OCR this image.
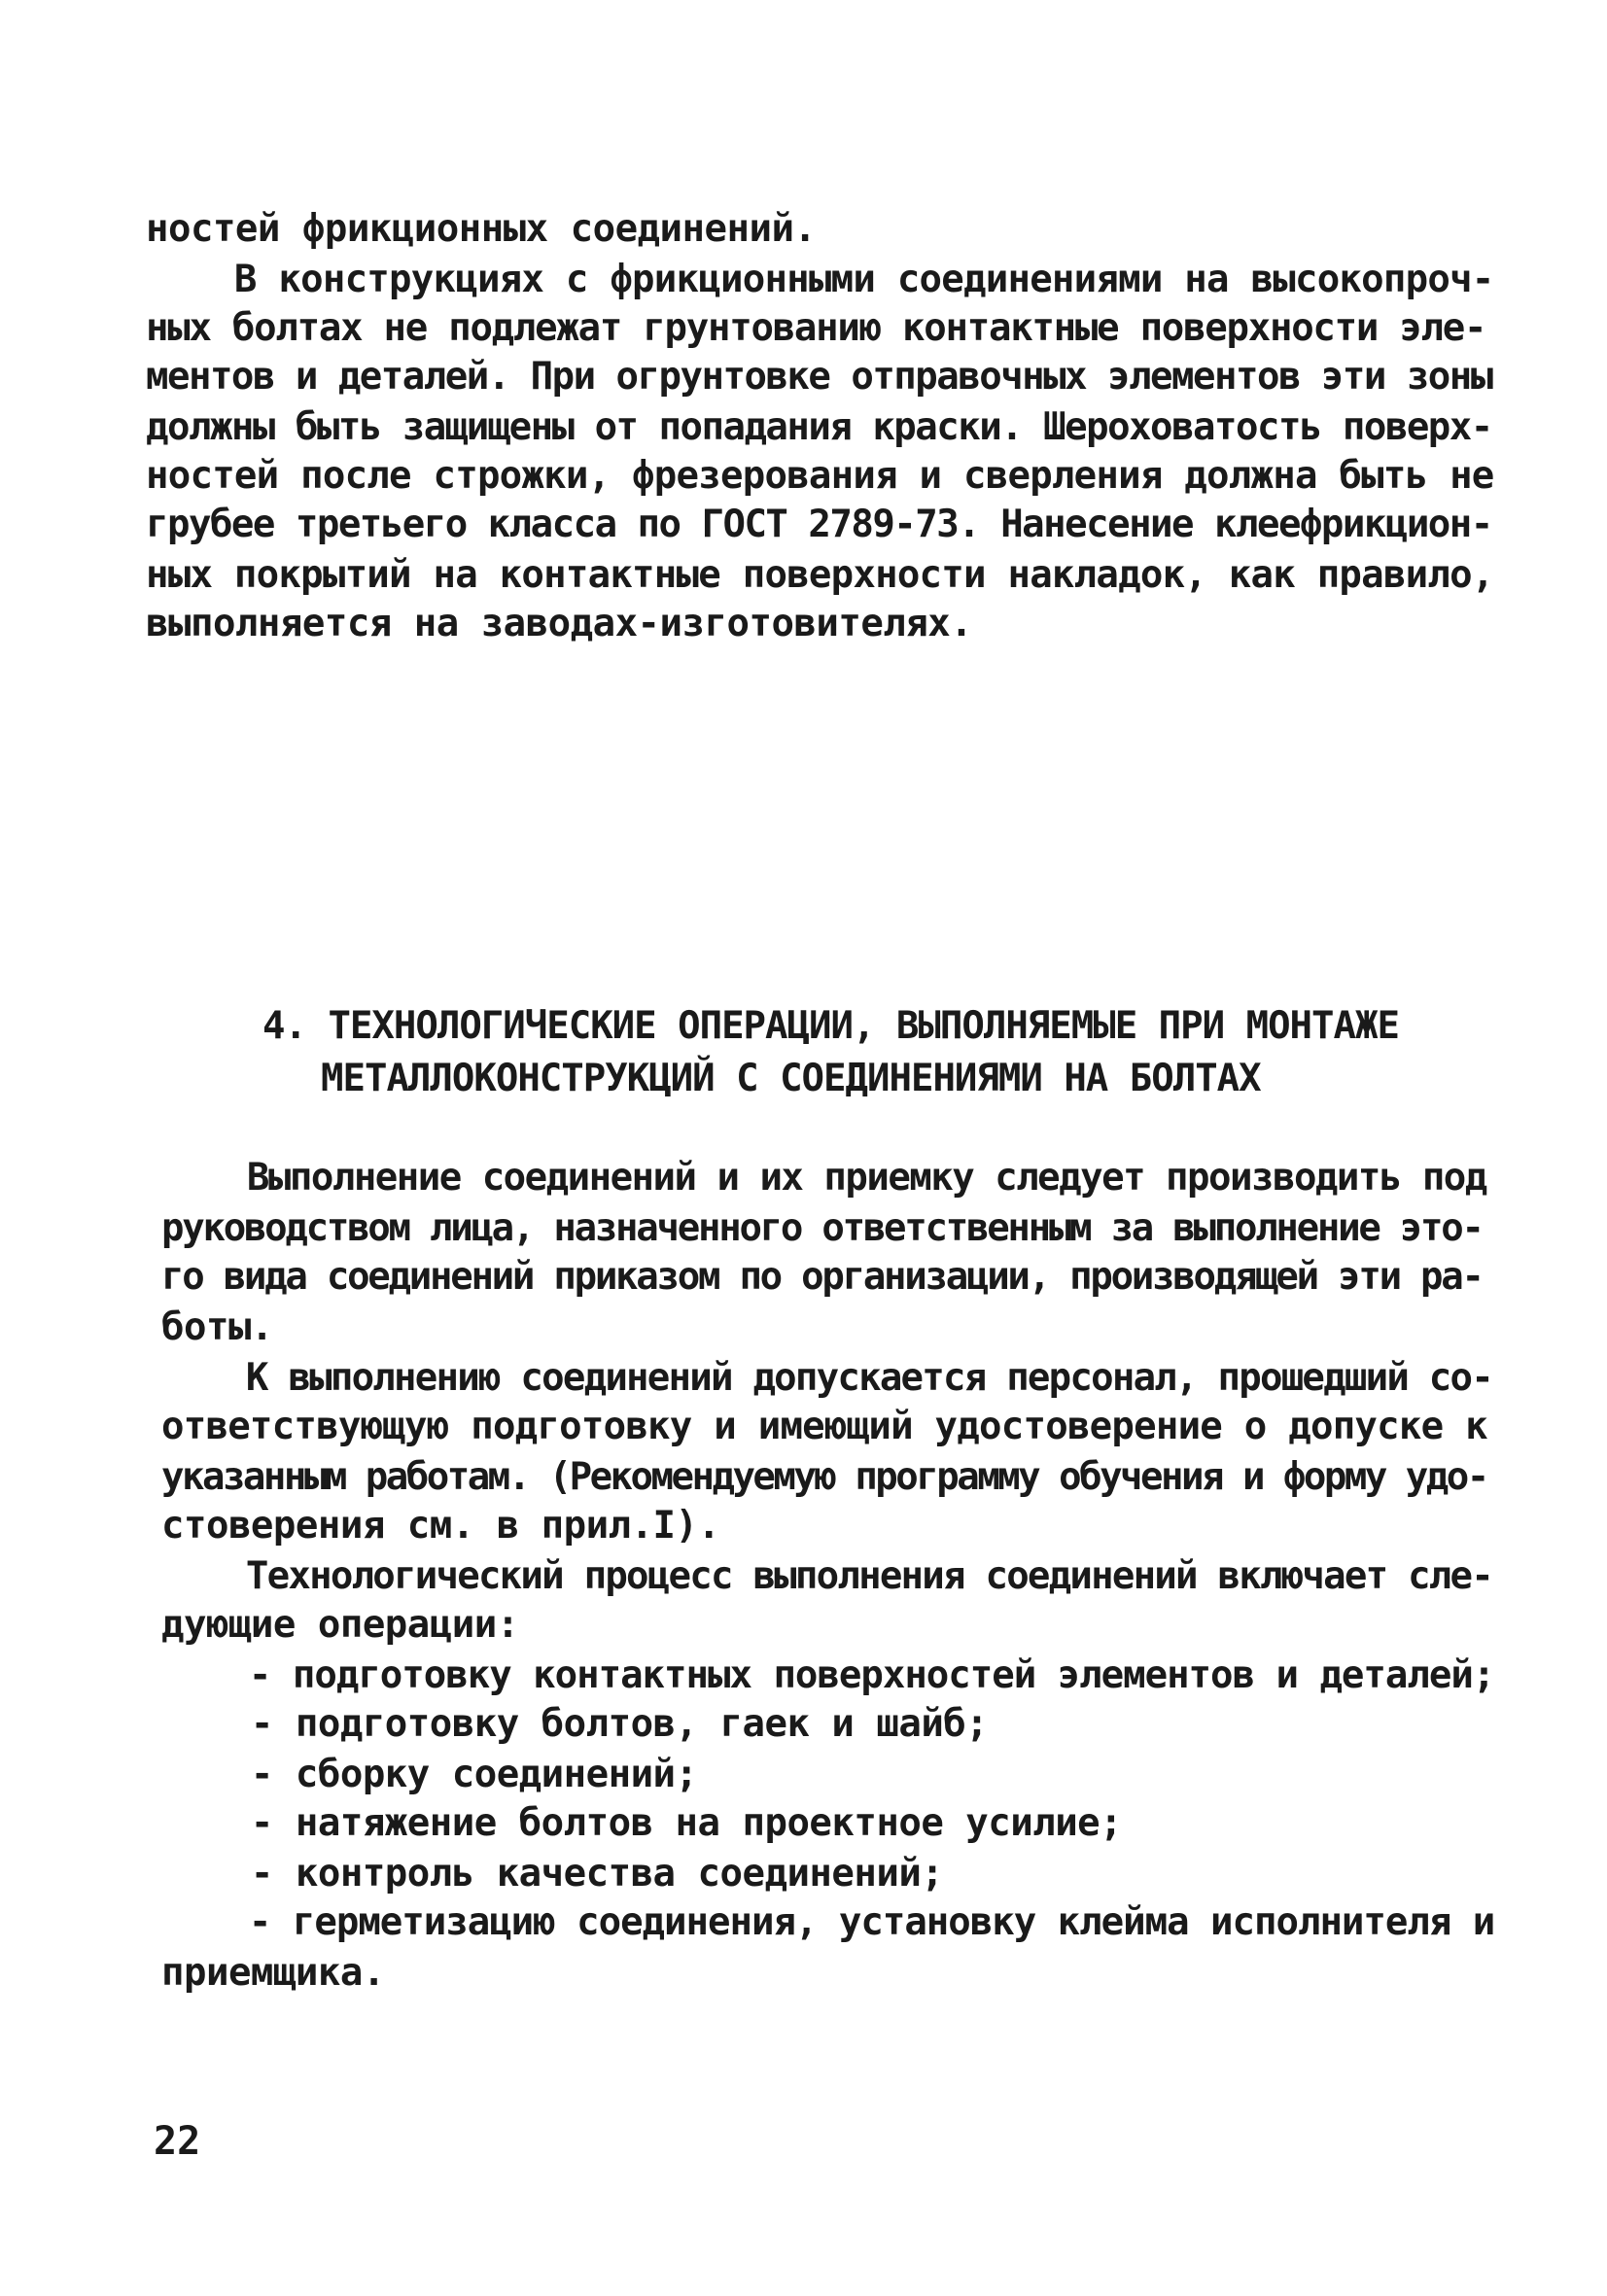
ностей фрикционных соединений.
В конструкциях с фрикционными соединениями на высокопроч-
ных болтах не подлежат грунтованию контактные поверхности эле-
ментов и деталей. При огрунтовке отправочных элементов эти зоны
должны быть защищены от попадания краски. Шероховатость поверх-
ностей после строжки, фрезерования и сверления должна быть не
грубее третьего класса по ГОСТ 2789-73. Нанесение клеефрикцион-
ных покрытий на контактные поверхности накладок, как правило,
выполняется на заводах-изготовителях.
4. ТЕХНОЛОГИЧЕСКИЕ ОПЕРАЦИИ, ВЫПОЛНЯЕМЫЕ ПРИ МОНТАЖЕ
МЕТАЛЛОКОНСТРУКЦИЙ С СОЕДИНЕНИЯМИ НА БОЛТАХ
Выполнение соединений и их приемку следует производить под
руководством лица, назначенного ответственным за выполнение это-
го вида соединений приказом по организации, производящей эти ра-
боты.
К выполнению соединений допускается персонал, прошедший со-
ответствующую подготовку и имеющий удостоверение о допуске к
указанным работам. (Рекомендуемую программу обучения и форму удо-
стоверения см. в прил.I).
Технологический процесс выполнения соединений включает сле-
дующие операции:
- подготовку контактных поверхностей элементов и деталей;
- подготовку болтов, гаек и шайб;
- сборку соединений;
- натяжение болтов на проектное усилие;
- контроль качества соединений;
- герметизацию соединения, установку клейма исполнителя и
приемщика.
22
